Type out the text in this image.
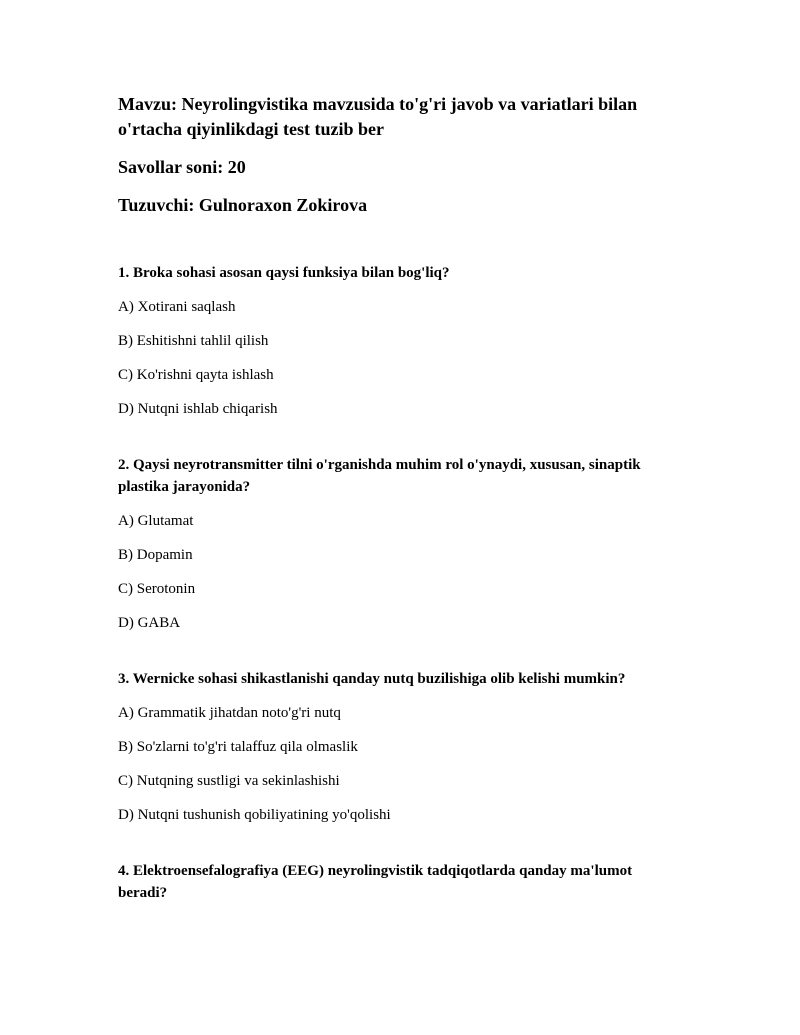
Mavzu: Neyrolingvistika mavzusida to'g'ri javob va variatlari bilan o'rtacha qiyinlikdagi test tuzib ber

Savollar soni: 20

Tuzuvchi: Gulnoraxon Zokirova

1. Broka sohasi asosan qaysi funksiya bilan bog'liq?

A) Xotirani saqlash

B) Eshitishni tahlil qilish

C) Ko'rishni qayta ishlash

D) Nutqni ishlab chiqarish

2. Qaysi neyrotransmitter tilni o'rganishda muhim rol o'ynaydi, xususan, sinaptik plastika jarayonida?

A) Glutamat

B) Dopamin

C) Serotonin

D) GABA

3. Wernicke sohasi shikastlanishi qanday nutq buzilishiga olib kelishi mumkin?

A) Grammatik jihatdan noto'g'ri nutq

B) So'zlarni to'g'ri talaffuz qila olmaslik

C) Nutqning sustligi va sekinlashishi

D) Nutqni tushunish qobiliyatining yo'qolishi

4. Elektroensefalografiya (EEG) neyrolingvistik tadqiqotlarda qanday ma'lumot beradi?
